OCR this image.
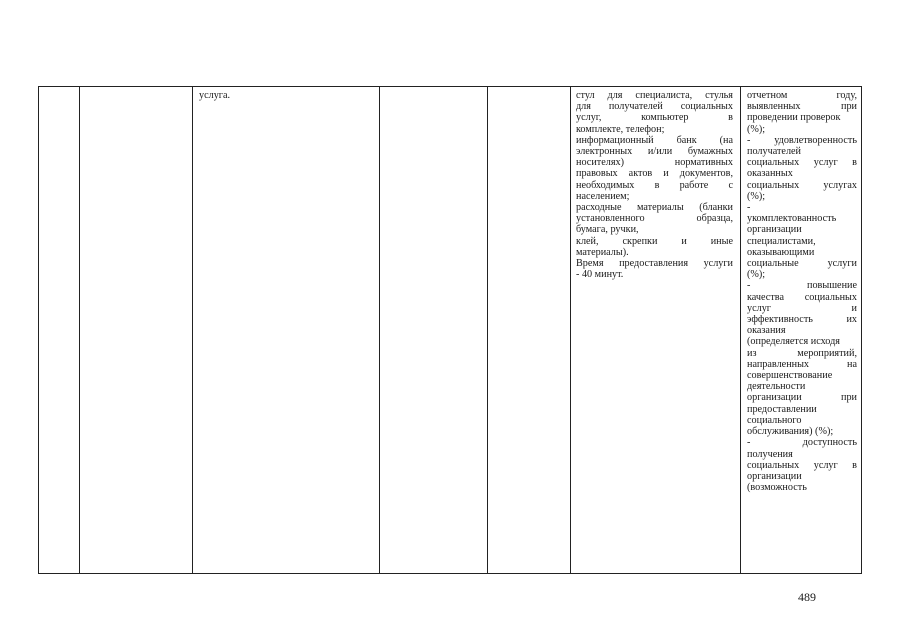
услуга.	стул для специалиста, стулья

для получателей социальных

услуг, компьютер в

комплекте, телефон;

информационный банк (на

электронных и/или бумажных

носителях) нормативных

правовых актов и документов,

необходимых в работе с

населением;

расходные материалы (бланки

установленного образца,

бумага, ручки,

клей, скрепки и иные

материалы).

Время предоставления услуги

- 40 минут.

отчетном году,

выявленных при

проведении проверок

(%);

- удовлетворенность

получателей

социальных услуг в

оказанных

социальных услугах

(%);

-

укомплектованность

организации

специалистами,

оказывающими

социальные услуги

(%);

- повышение

качества социальных

услуг и

эффективность их

оказания

(определяется исходя

из мероприятий,

направленных на

совершенствование

деятельности

организации при

предоставлении

социального

обслуживания) (%);

- доступность

получения

социальных услуг в

организации

(возможность

489
